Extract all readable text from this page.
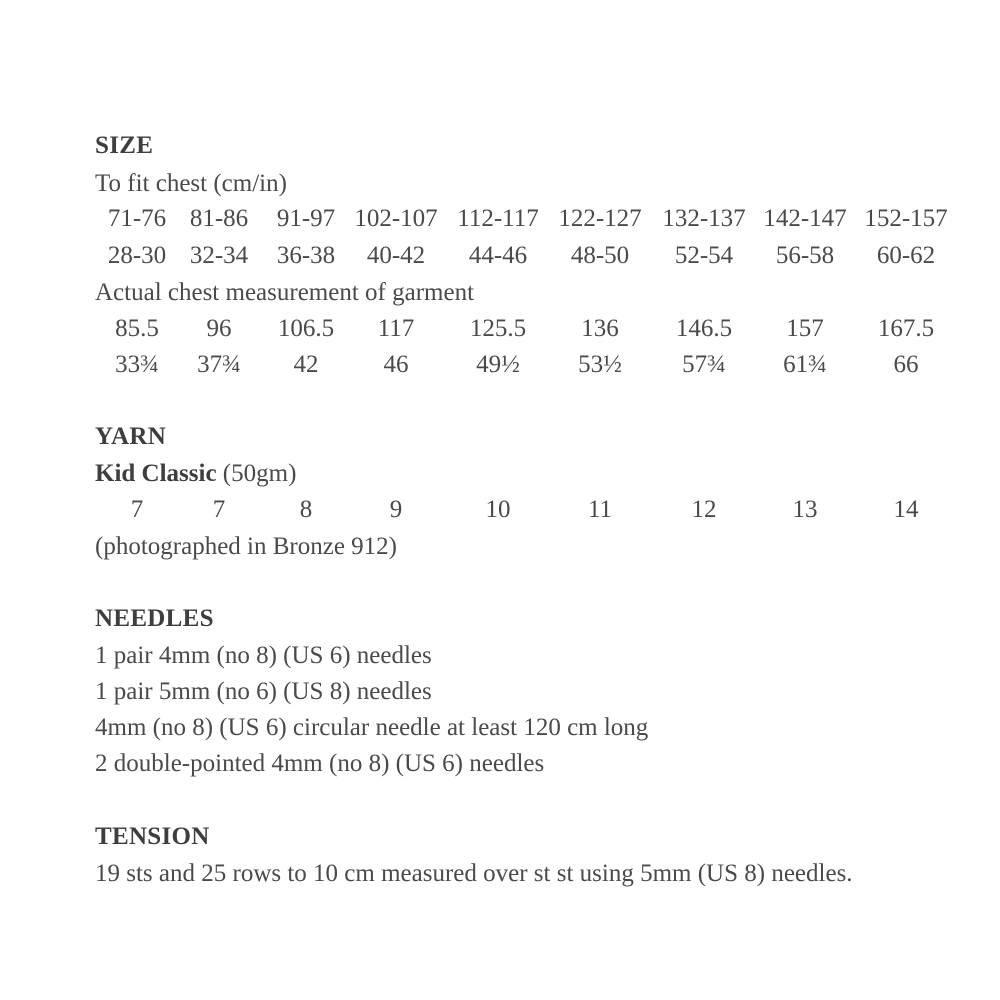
SIZE
To fit chest (cm/in)
71-76 81-86	91-97 102-107 112-117 122-127 132-137 142-147 152-157
28-30 32-34	36-38	40-42	44-46	48-50	52-54	56-58	60-62
Actual chest measurement of garment
85.5	96	106.5	117	125.5	136	146.5	157	167.5
33¾	37¾	42	46	49½	53½	57¾	61¾	66
YARN
Kid Classic (50gm)
7	7	8	9	10	11	12	13	14
(photographed in Bronze 912)
NEEDLES
1 pair 4mm (no 8) (US 6) needles
1 pair 5mm (no 6) (US 8) needles
4mm (no 8) (US 6) circular needle at least 120 cm long
2 double-pointed 4mm (no 8) (US 6) needles
TENSION
19 sts and 25 rows to 10 cm measured over st st using 5mm (US 8) needles.
